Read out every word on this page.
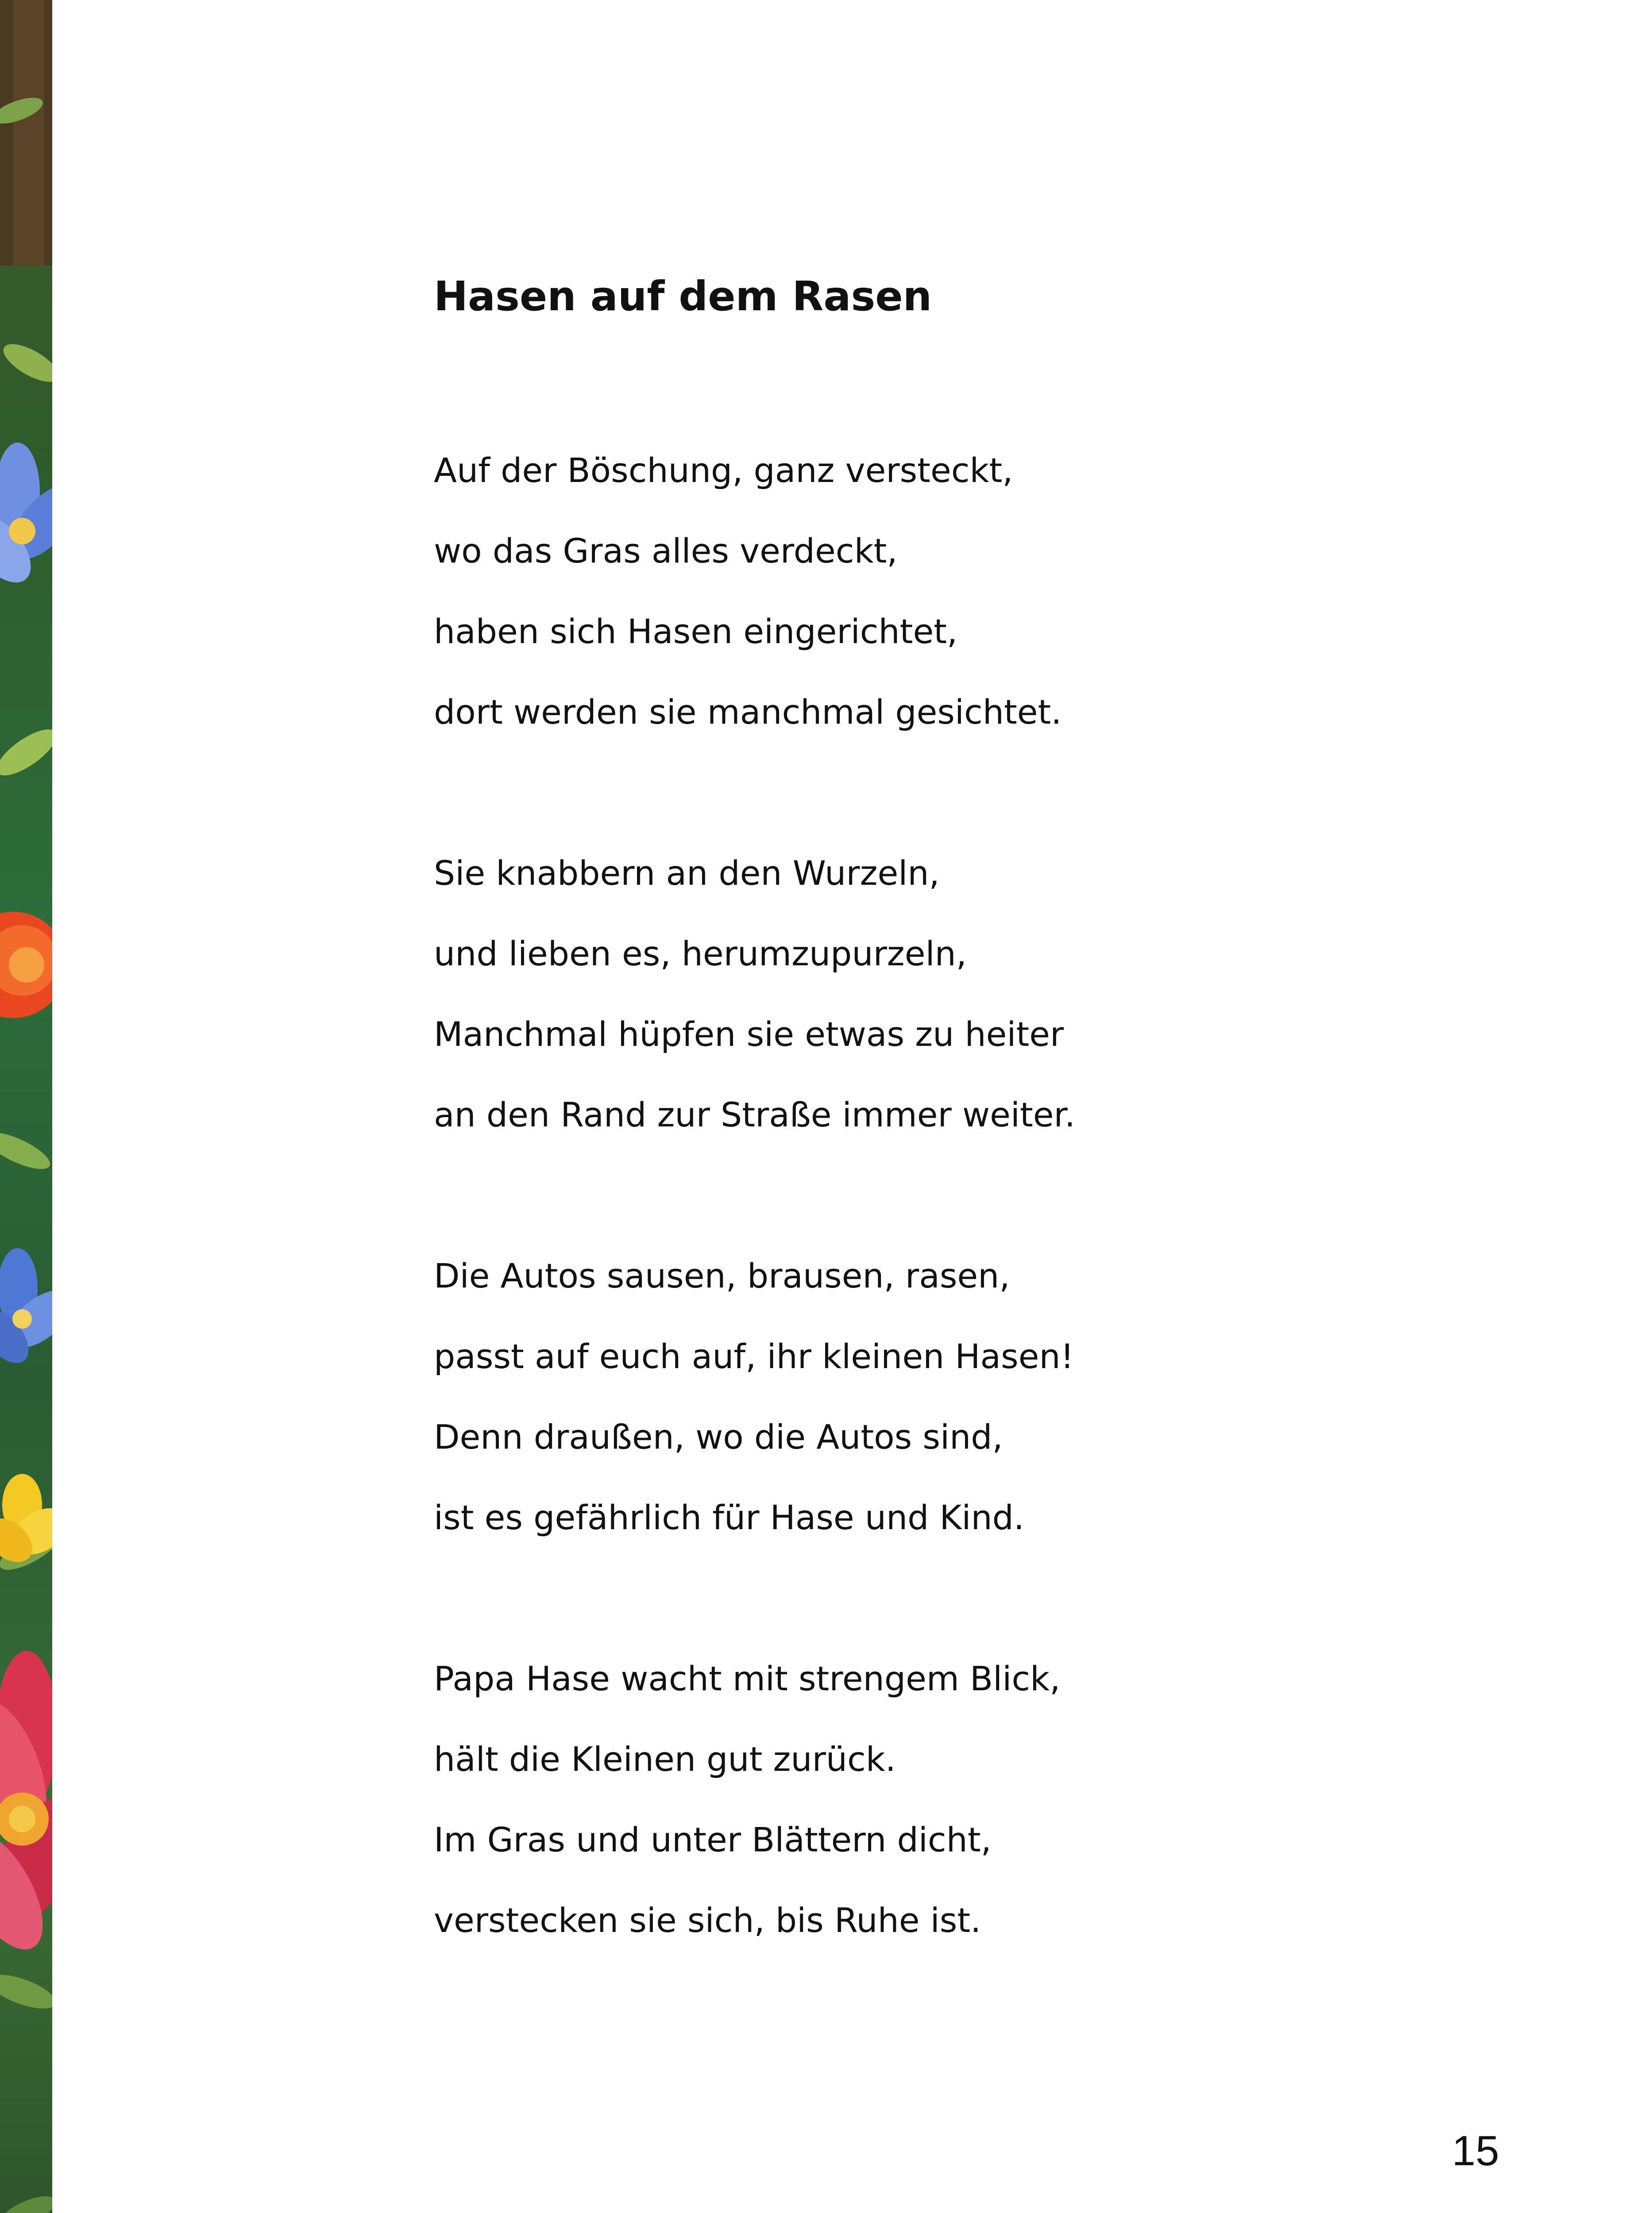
Hasen auf dem Rasen
Auf der Böschung, ganz versteckt,
wo das Gras alles verdeckt,
haben sich Hasen eingerichtet,
dort werden sie manchmal gesichtet.
Sie knabbern an den Wurzeln,
und lieben es, herumzupurzeln,
Manchmal hüpfen sie etwas zu heiter
an den Rand zur Straße immer weiter.
Die Autos sausen, brausen, rasen,
passt auf euch auf, ihr kleinen Hasen!
Denn draußen, wo die Autos sind,
ist es gefährlich für Hase und Kind.
Papa Hase wacht mit strengem Blick,
hält die Kleinen gut zurück.
Im Gras und unter Blättern dicht,
verstecken sie sich, bis Ruhe ist.
15
